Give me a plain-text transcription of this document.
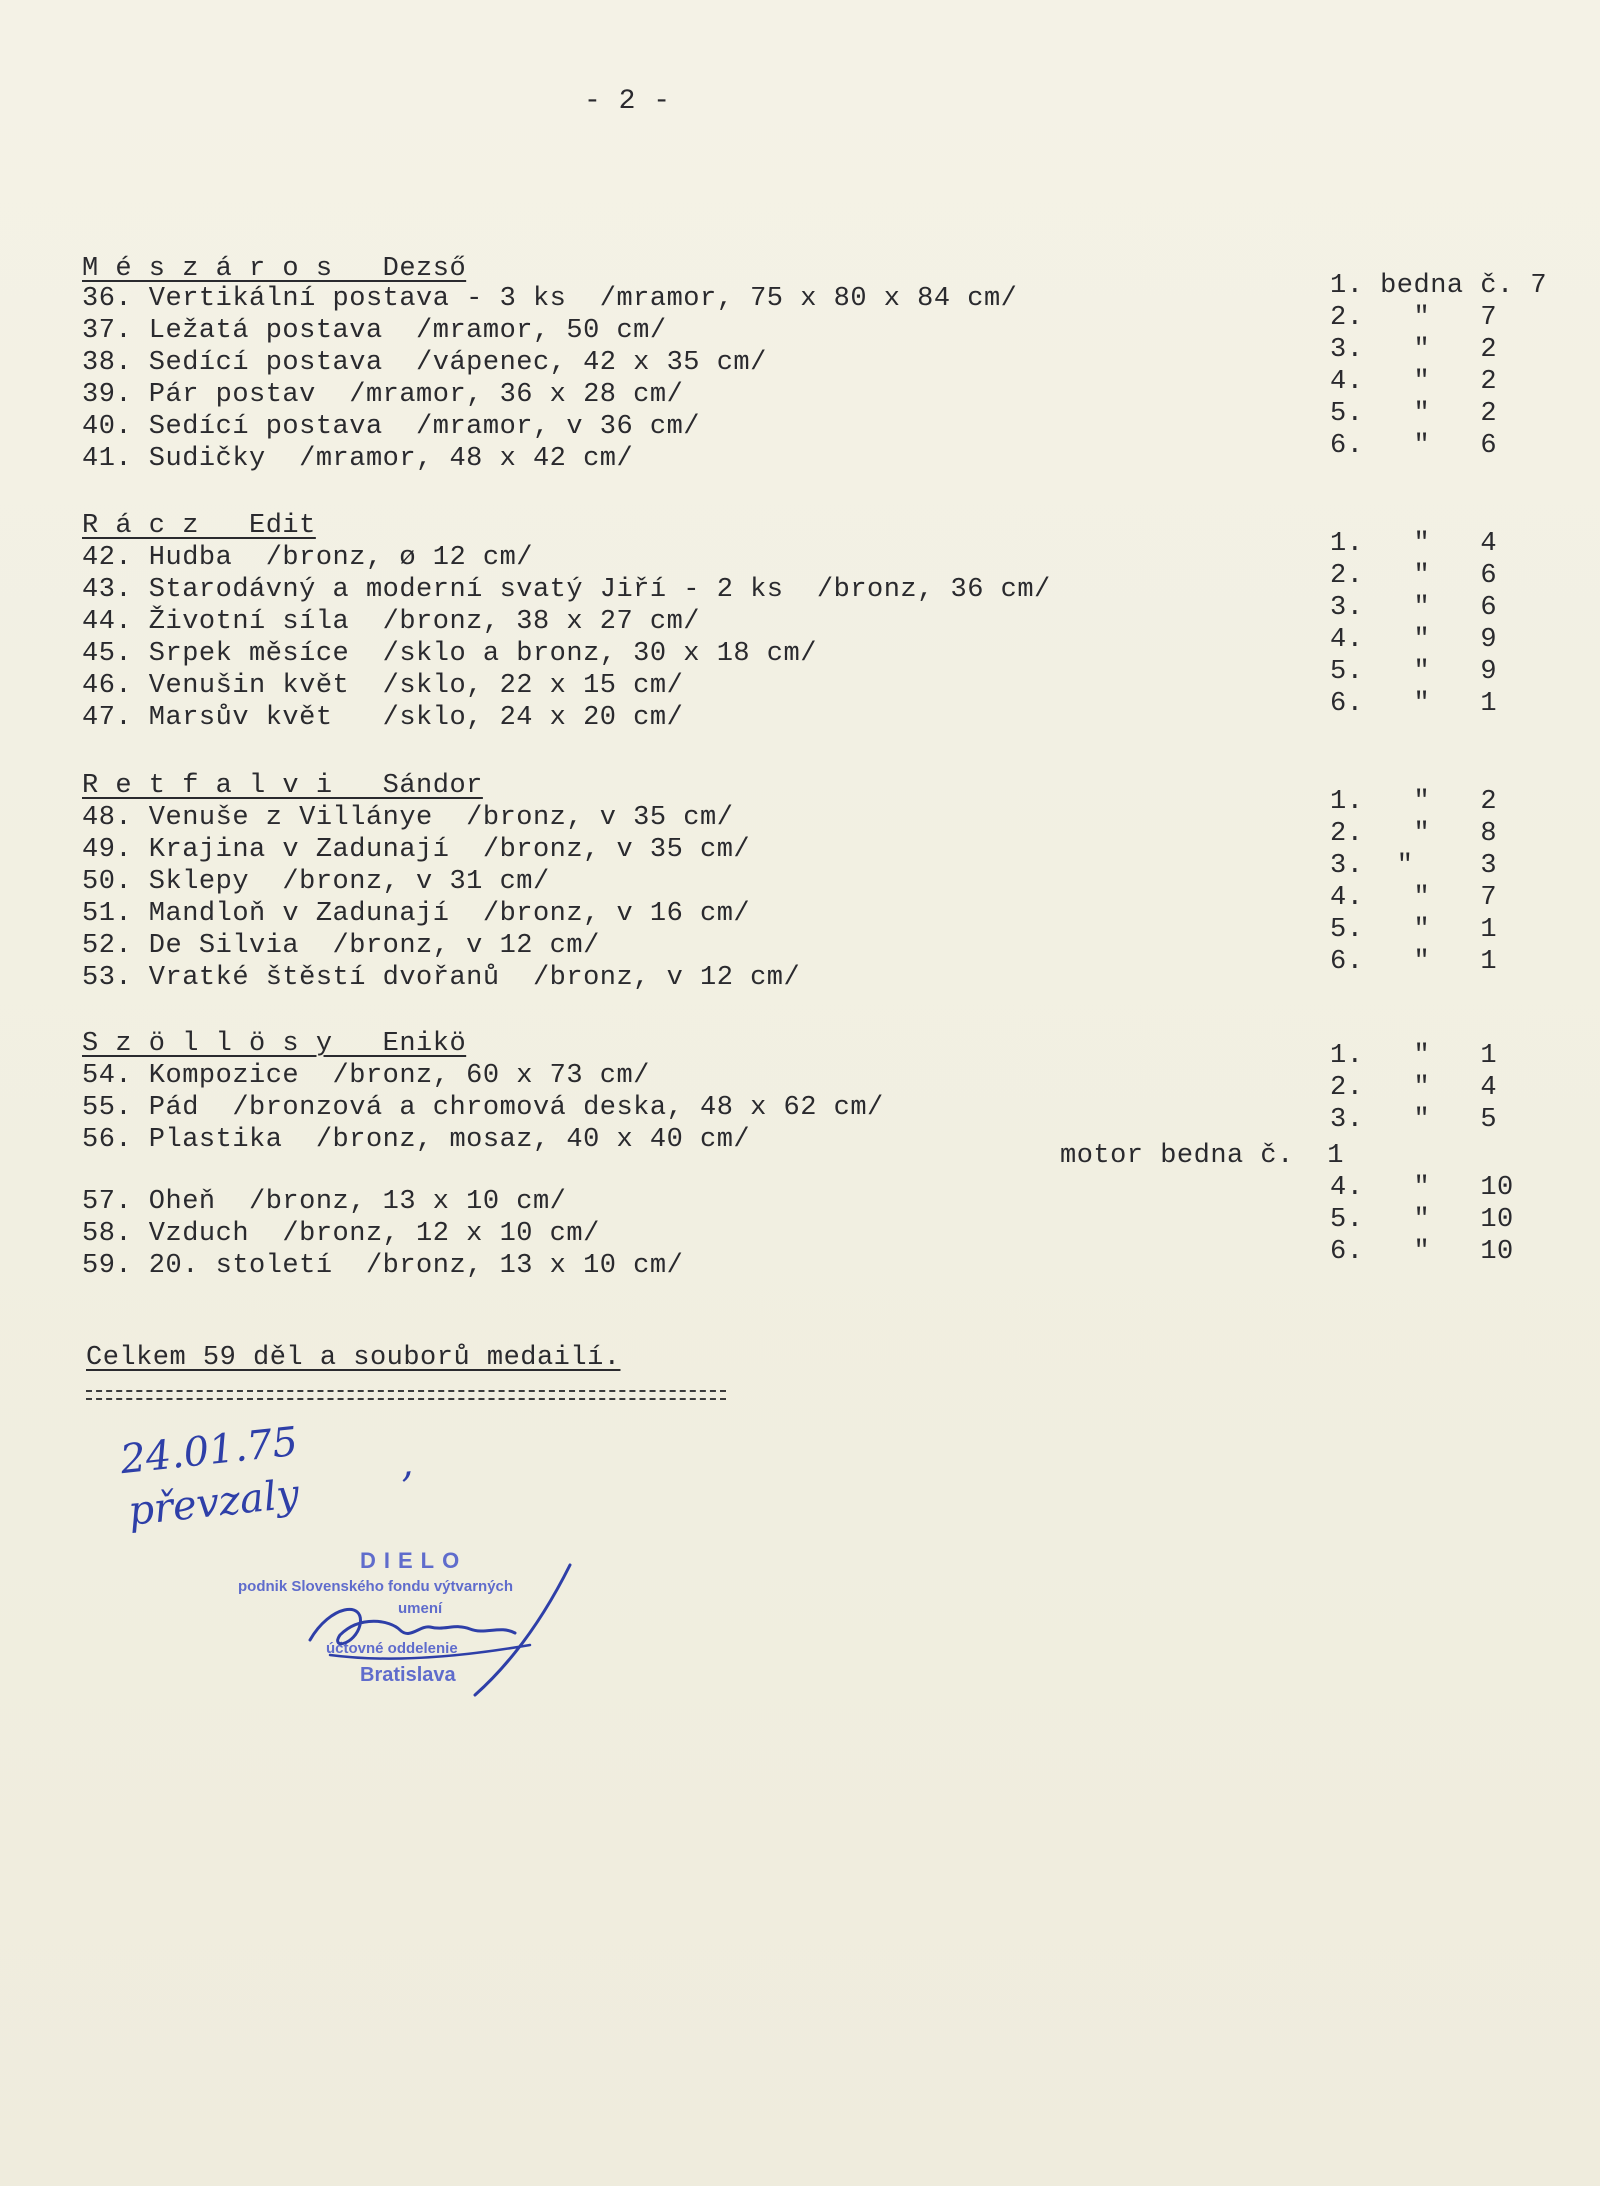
- 2 -
M é s z á r o s   Dezső
36. Vertikální postava - 3 ks  /mramor, 75 x 80 x 84 cm/
37. Ležatá postava  /mramor, 50 cm/
38. Sedící postava  /vápenec, 42 x 35 cm/
39. Pár postav  /mramor, 36 x 28 cm/
40. Sedící postava  /mramor, v 36 cm/
41. Sudičky  /mramor, 48 x 42 cm/
1. bedna č. 7
2.   "   7
3.   "   2
4.   "   2
5.   "   2
6.   "   6
R á c z   Edit
42. Hudba  /bronz, ø 12 cm/
43. Starodávný a moderní svatý Jiří - 2 ks  /bronz, 36 cm/
44. Životní síla  /bronz, 38 x 27 cm/
45. Srpek měsíce  /sklo a bronz, 30 x 18 cm/
46. Venušin květ  /sklo, 22 x 15 cm/
47. Marsův květ   /sklo, 24 x 20 cm/
1.   "   4
2.   "   6
3.   "   6
4.   "   9
5.   "   9
6.   "   1
R e t f a l v i   Sándor
48. Venuše z Villánye  /bronz, v 35 cm/
49. Krajina v Zadunají  /bronz, v 35 cm/
50. Sklepy  /bronz, v 31 cm/
51. Mandloň v Zadunají  /bronz, v 16 cm/
52. De Silvia  /bronz, v 12 cm/
53. Vratké štěstí dvořanů  /bronz, v 12 cm/
1.   "   2
2.   "   8
3.  "    3
4.   "   7
5.   "   1
6.   "   1
S z ö l l ö s y   Enikö
54. Kompozice  /bronz, 60 x 73 cm/
55. Pád  /bronzová a chromová deska, 48 x 62 cm/
56. Plastika  /bronz, mosaz, 40 x 40 cm/
57. Oheň  /bronz, 13 x 10 cm/
58. Vzduch  /bronz, 12 x 10 cm/
59. 20. století  /bronz, 13 x 10 cm/
1.   "   1
2.   "   4
3.   "   5
motor bedna č.  1
4.   "   10
5.   "   10
6.   "   10
Celkem 59 děl a souborů medailí.
24.01.75 ,
převzaly
DIELO
podnik Slovenského fondu výtvarných
umení
účtovné oddelenie
Bratislava
